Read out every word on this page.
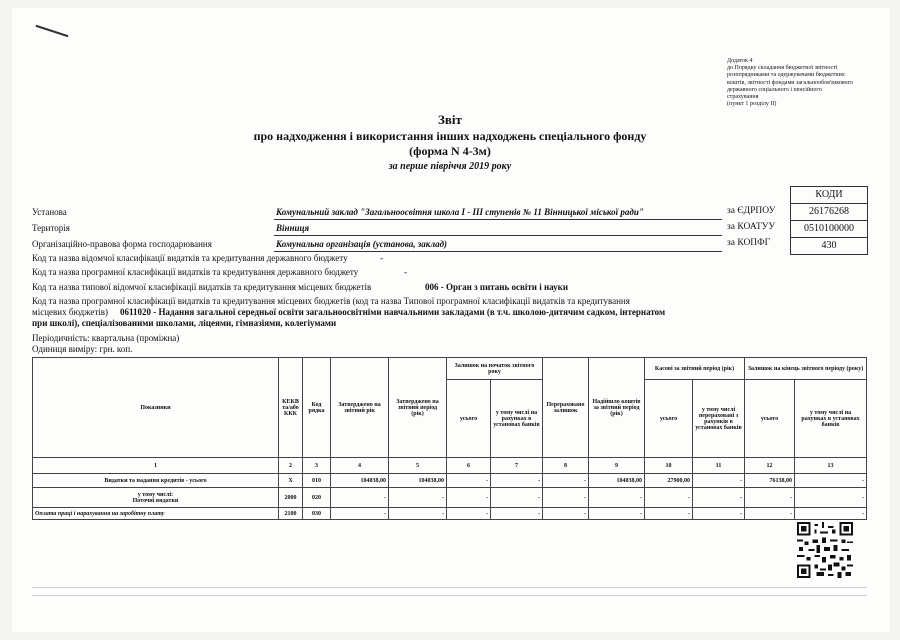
Додаток 4
до Порядку складання бюджетної звітності
розпорядниками та одержувачами бюджетних
коштів, звітності фондами загальнообов'язкового
державного соціального і пенсійного
страхування
(пункт 1 розділу ІІ)
Звіт
про надходження і використання інших надходжень спеціального фонду
(форма N 4-3м)
за перше півріччя 2019 року
КОДИ
26176268
0510100000
430
Установа	Комунальний заклад "Загальноосвітня школа І - ІІІ ступенів № 11 Вінницької міської ради"	за ЄДРПОУ
Територія	Вінниця	за КОАТУУ
Організаційно-правова форма господарювання	Комунальна організація (установа, заклад)	за КОПФГ
Код та назва відомчої класифікації видатків та кредитування державного бюджету	-
Код та назва програмної класифікації видатків та кредитування державного бюджету	-
Код та назва типової відомчої класифікації видатків та кредитування місцевих бюджетів	006 - Орган з питань освіти і науки
Код та назва програмної класифікації видатків та кредитування місцевих бюджетів (код та назва Типової програмної класифікації видатків та кредитування
місцевих бюджетів) 0611020 - Надання загальної середньої освіти загальноосвітніми навчальними закладами (в т.ч. школою-дитячим садком, інтернатом
при школі), спеціалізованими школами, ліцеями, гімназіями, колегіумами
Періодичність: квартальна (проміжна)
Одиниця виміру: грн. коп.
Показники	КЕКВ та/або ККК	Код рядка	Затверджено на звітний рік	Затверджено на звітний період (рік)	Залишок на початок звітного року		Перераховано залишок	Надійшло коштів за звітний період (рік)	Касові за звітний період (рік)		Залишок на кінець звітного періоду (року)	
					усього	у тому числі на рахунках в установах банків			усього	у тому числі перераховані з рахунків в установах банків	усього	у тому числі на рахунках в установах банків
1	2	3	4	5	6	7	8	9	10	11	12	13
Видатки та надання кредитів - усього	X	010	104038,00	104038,00	-	-	-	104038,00	27900,00	-	76138,00	-
у тому числі:
Поточні видатки	2000	020	-	-	-	-	-	-	-	-	-	-
Оплата праці і нарахування на заробітну плату	2100	030	-	-	-	-	-	-	-	-	-	-
